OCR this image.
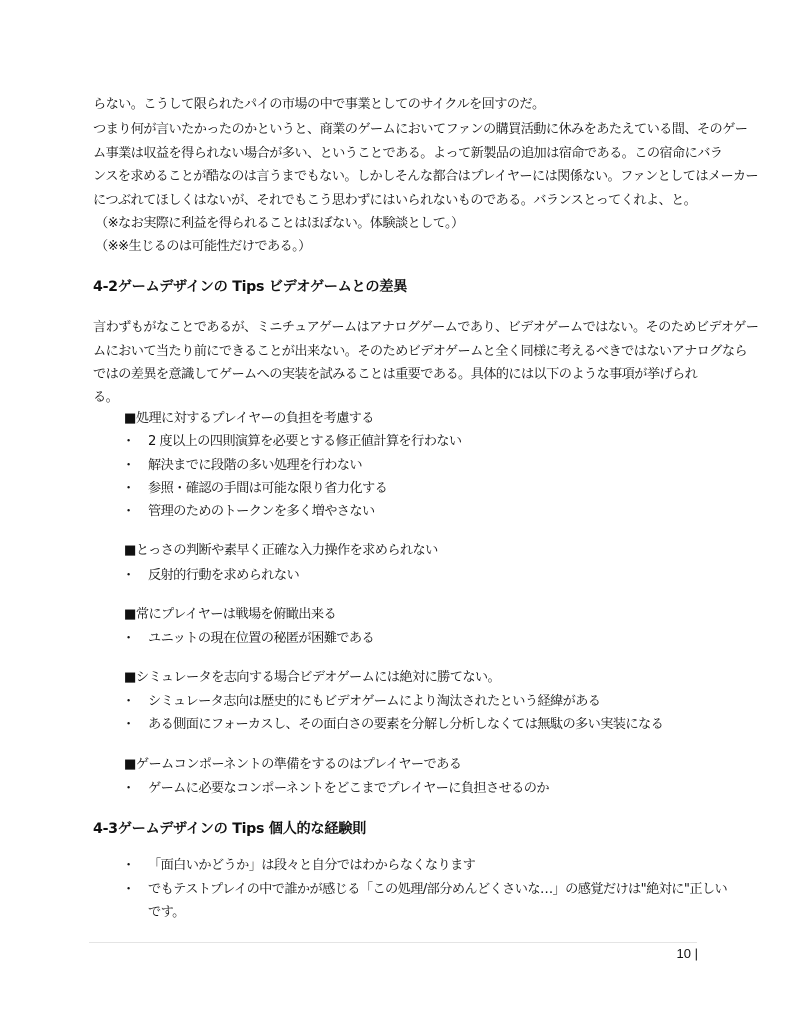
らない。こうして限られたパイの市場の中で事業としてのサイクルを回すのだ。
つまり何が言いたかったのかというと、商業のゲームにおいてファンの購買活動に休みをあたえている間、そのゲー
ム事業は収益を得られない場合が多い、ということである。よって新製品の追加は宿命である。この宿命にバラ
ンスを求めることが酷なのは言うまでもない。しかしそんな都合はプレイヤーには関係ない。ファンとしてはメーカー
につぶれてほしくはないが、それでもこう思わずにはいられないものである。バランスとってくれよ、と。
（※なお実際に利益を得られることはほぼない。体験談として。）
（※※生じるのは可能性だけである。）
4-2ゲームデザインの Tips ビデオゲームとの差異
言わずもがなことであるが、ミニチュアゲームはアナログゲームであり、ビデオゲームではない。そのためビデオゲー
ムにおいて当たり前にできることが出来ない。そのためビデオゲームと全く同様に考えるべきではないアナログなら
ではの差異を意識してゲームへの実装を試みることは重要である。具体的には以下のような事項が挙げられ
る。
■処理に対するプレイヤーの負担を考慮する
・ 2 度以上の四則演算を必要とする修正値計算を行わない
・ 解決までに段階の多い処理を行わない
・ 参照・確認の手間は可能な限り省力化する
・ 管理のためのトークンを多く増やさない
■とっさの判断や素早く正確な入力操作を求められない
・ 反射的行動を求められない
■常にプレイヤーは戦場を俯瞰出来る
・ ユニットの現在位置の秘匿が困難である
■シミュレータを志向する場合ビデオゲームには絶対に勝てない。
・ シミュレータ志向は歴史的にもビデオゲームにより淘汰されたという経緯がある
・ ある側面にフォーカスし、その面白さの要素を分解し分析しなくては無駄の多い実装になる
■ゲームコンポーネントの準備をするのはプレイヤーである
・ ゲームに必要なコンポーネントをどこまでプレイヤーに負担させるのか
4-3ゲームデザインの Tips 個人的な経験則
・ 「面白いかどうか」は段々と自分ではわからなくなります
・ でもテストプレイの中で誰かが感じる「この処理/部分めんどくさいな…」の感覚だけは"絶対に"正しい
です。
10 |
